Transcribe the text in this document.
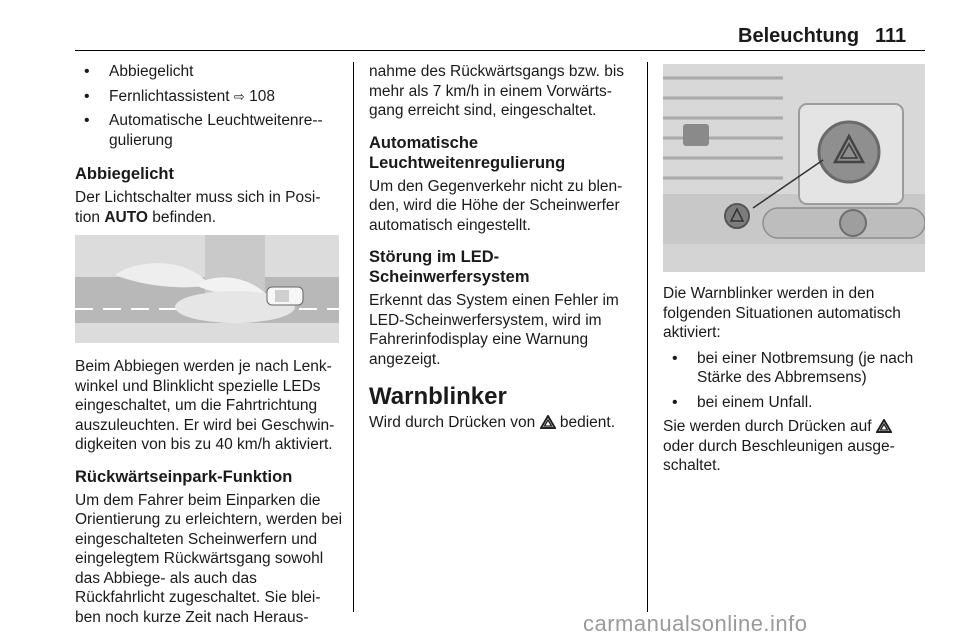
Beleuchtung 111
• Abbiegelicht
• Fernlichtassistent ⇨ 108
• Automatische Leuchtweitenre-gulierung
Abbiegelicht

Der Lichtschalter muss sich in Posi-tion AUTO befinden.

Beim Abbiegen werden je nach Lenk-winkel und Blinklicht spezielle LEDs eingeschaltet, um die Fahrtrichtung auszuleuchten. Er wird bei Geschwin-digkeiten von bis zu 40 km/h aktiviert.

Rückwärtseinpark-Funktion

Um dem Fahrer beim Einparken die Orientierung zu erleichtern, werden bei eingeschalteten Scheinwerfern und eingelegtem Rückwärtsgang sowohl das Abbiege- als auch das Rückfahrlicht zugeschaltet. Sie blei-ben noch kurze Zeit nach Heraus-

nahme des Rückwärtsgangs bzw. bis mehr als 7 km/h in einem Vorwärts-gang erreicht sind, eingeschaltet.

Automatische Leuchtweitenregulierung

Um den Gegenverkehr nicht zu blen-den, wird die Höhe der Scheinwerfer automatisch eingestellt.

Störung im LED-Scheinwerfersystem

Erkennt das System einen Fehler im LED-Scheinwerfersystem, wird im Fahrerinfodisplay eine Warnung angezeigt.

Warnblinker

Wird durch Drücken von  bedient.

Die Warnblinker werden in den folgenden Situationen automatisch aktiviert:

• bei einer Notbremsung (je nach Stärke des Abbremsens)
• bei einem Unfall.

Sie werden durch Drücken auf
oder durch Beschleunigen ausge-schaltet.

carmanualsonline.info
